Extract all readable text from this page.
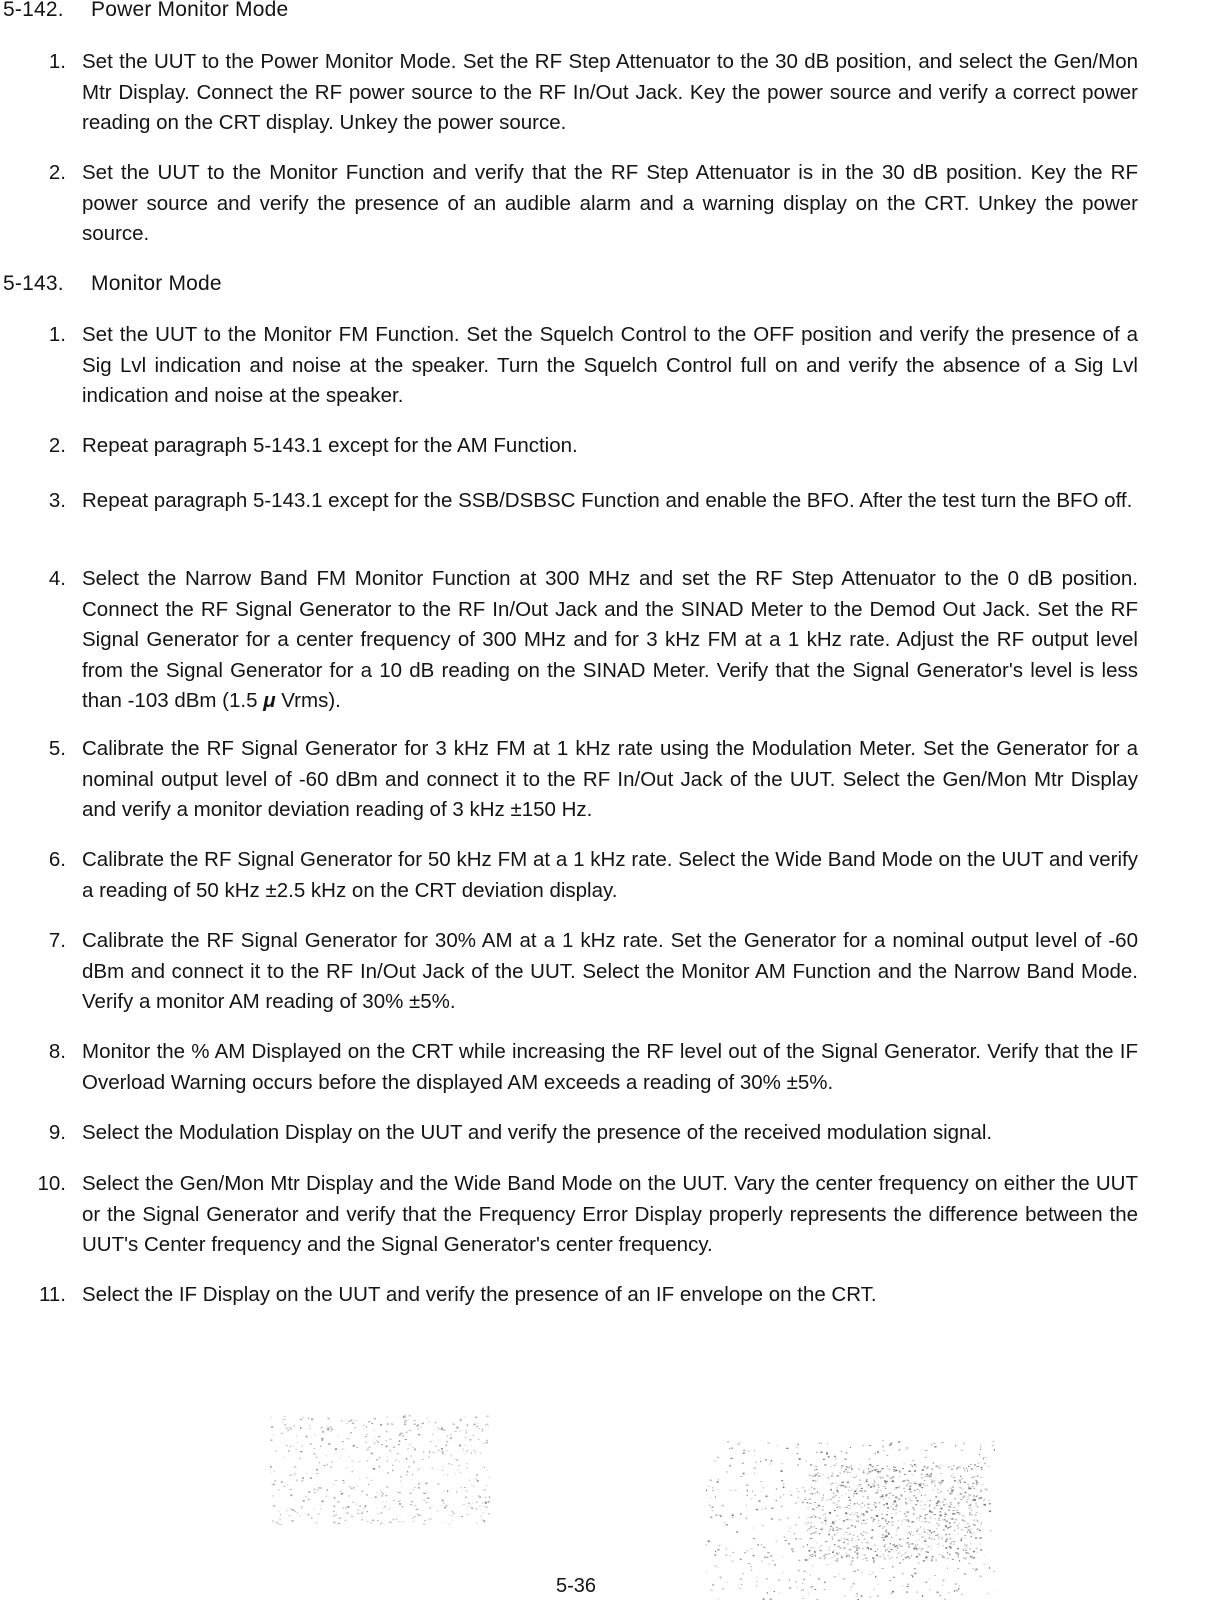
5-142. Power Monitor Mode
1. Set the UUT to the Power Monitor Mode. Set the RF Step Attenuator to the 30 dB position, and select the Gen/Mon Mtr Display. Connect the RF power source to the RF In/Out Jack. Key the power source and verify a correct power reading on the CRT display. Unkey the power source.
2. Set the UUT to the Monitor Function and verify that the RF Step Attenuator is in the 30 dB position. Key the RF power source and verify the presence of an audible alarm and a warning display on the CRT. Unkey the power source.
5-143. Monitor Mode
1. Set the UUT to the Monitor FM Function. Set the Squelch Control to the OFF position and verify the presence of a Sig Lvl indication and noise at the speaker. Turn the Squelch Control full on and verify the absence of a Sig Lvl indication and noise at the speaker.
2. Repeat paragraph 5-143.1 except for the AM Function.
3. Repeat paragraph 5-143.1 except for the SSB/DSBSC Function and enable the BFO. After the test turn the BFO off.
4. Select the Narrow Band FM Monitor Function at 300 MHz and set the RF Step Attenuator to the 0 dB position. Connect the RF Signal Generator to the RF In/Out Jack and the SINAD Meter to the Demod Out Jack. Set the RF Signal Generator for a center frequency of 300 MHz and for 3 kHz FM at a 1 kHz rate. Adjust the RF output level from the Signal Generator for a 10 dB reading on the SINAD Meter. Verify that the Signal Generator's level is less than -103 dBm (1.5 μ Vrms).
5. Calibrate the RF Signal Generator for 3 kHz FM at 1 kHz rate using the Modulation Meter. Set the Generator for a nominal output level of -60 dBm and connect it to the RF In/Out Jack of the UUT. Select the Gen/Mon Mtr Display and verify a monitor deviation reading of 3 kHz ±150 Hz.
6. Calibrate the RF Signal Generator for 50 kHz FM at a 1 kHz rate. Select the Wide Band Mode on the UUT and verify a reading of 50 kHz ±2.5 kHz on the CRT deviation display.
7. Calibrate the RF Signal Generator for 30% AM at a 1 kHz rate. Set the Generator for a nominal output level of -60 dBm and connect it to the RF In/Out Jack of the UUT. Select the Monitor AM Function and the Narrow Band Mode. Verify a monitor AM reading of 30% ±5%.
8. Monitor the % AM Displayed on the CRT while increasing the RF level out of the Signal Generator. Verify that the IF Overload Warning occurs before the displayed AM exceeds a reading of 30% ±5%.
9. Select the Modulation Display on the UUT and verify the presence of the received modulation signal.
10. Select the Gen/Mon Mtr Display and the Wide Band Mode on the UUT. Vary the center frequency on either the UUT or the Signal Generator and verify that the Frequency Error Display properly represents the difference between the UUT's Center frequency and the Signal Generator's center frequency.
11. Select the IF Display on the UUT and verify the presence of an IF envelope on the CRT.
5-36
